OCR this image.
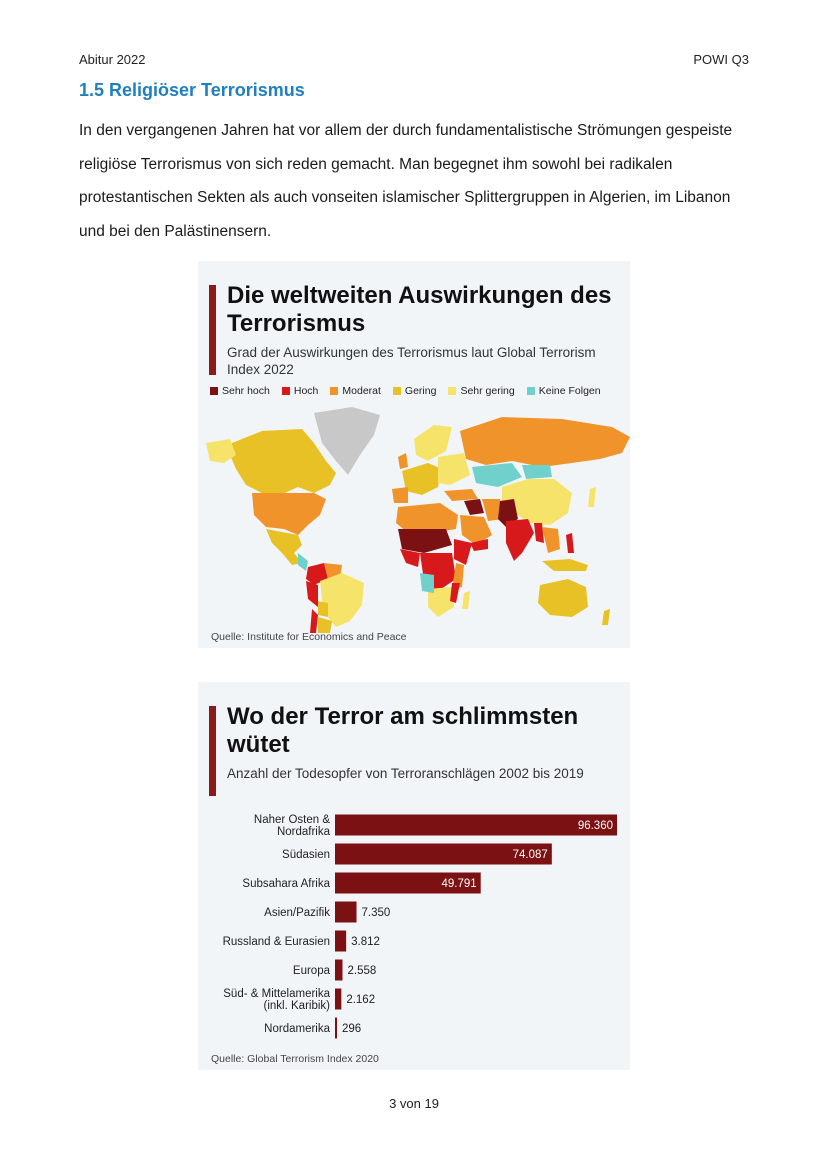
Abitur 2022	POWI Q3
1.5 Religiöser Terrorismus

In den vergangenen Jahren hat vor allem der durch fundamentalistische Strömungen gespeiste religiöse Terrorismus von sich reden gemacht. Man begegnet ihm sowohl bei radikalen protestantischen Sekten als auch vonseiten islamischer Splittergruppen in Algerien, im Libanon und bei den Palästinensern.

Die weltweiten Auswirkungen des Terrorismus

Grad der Auswirkungen des Terrorismus laut Global Terrorism Index 2022

Sehr hoch Hoch Moderat Gering Sehr gering Keine Folgen
Quelle: Institute for Economics and Peace
Wo der Terror am schlimmsten wütet

Anzahl der Todesopfer von Terroranschlägen 2002 bis 2019

Naher Osten & Nordafrika	96.360
Südasien	74.087
Subsahara Afrika	49.791
Asien/Pazifik	7.350
Russland & Eurasien 3.812
Europa 2.558
Süd- & Mittelamerika (inkl. Karibik) 2.162
Nordamerika 296
Quelle: Global Terrorism Index 2020
3 von 19
